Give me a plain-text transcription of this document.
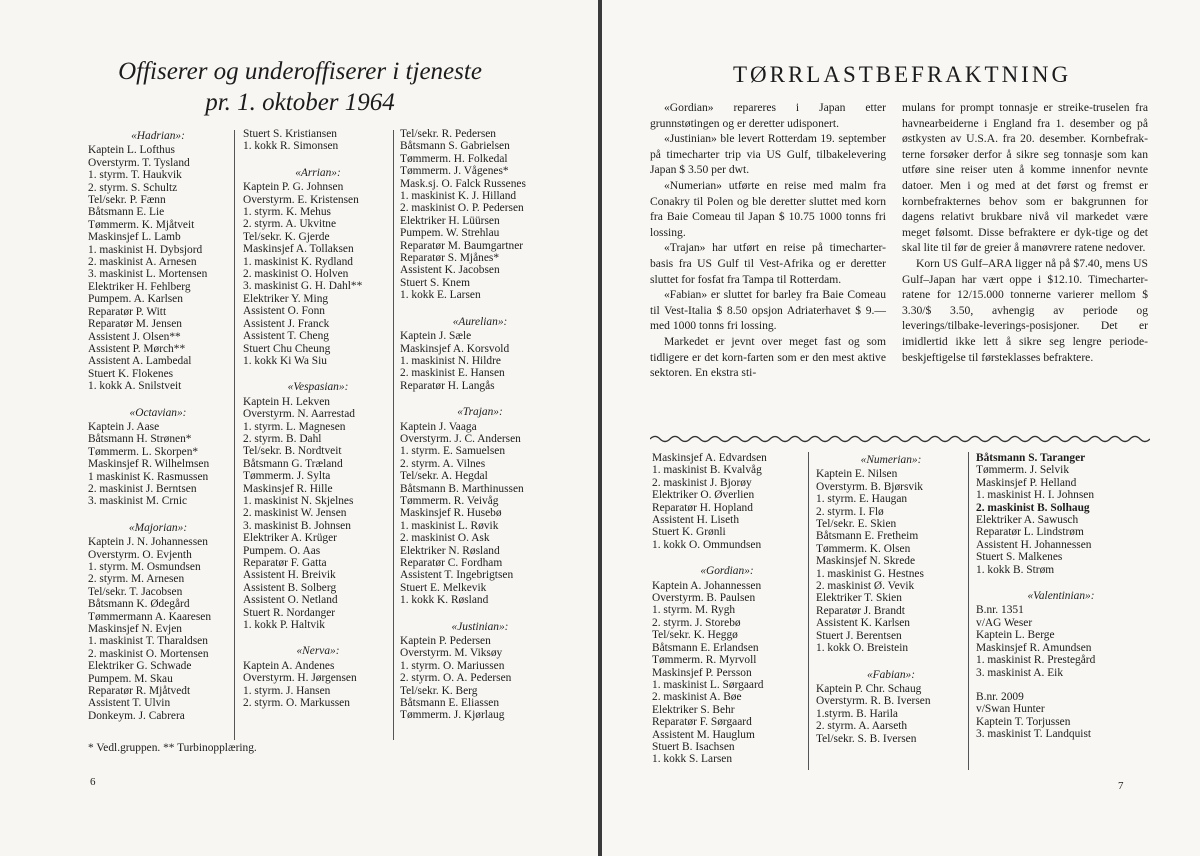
Offiserer og underoffiserer i tjeneste
pr. 1. oktober 1964
«Hadrian»:
Kaptein L. Lofthus
Overstyrm. T. Tysland
1. styrm. T. Haukvik
2. styrm. S. Schultz
Tel/sekr. P. Fænn
Båtsmann E. Lie
Tømmerm. K. Mjåtveit
Maskinsjef L. Lamb
1. maskinist H. Dybsjord
2. maskinist A. Arnesen
3. maskinist L. Mortensen
Elektriker H. Fehlberg
Pumpem. A. Karlsen
Reparatør P. Witt
Reparatør M. Jensen
Assistent J. Olsen**
Assistent P. Mørch**
Assistent A. Lambedal
Stuert K. Flokenes
1. kokk A. Snilstveit
«Octavian»:
Kaptein J. Aase
Båtsmann H. Strønen*
Tømmerm. L. Skorpen*
Maskinsjef R. Wilhelmsen
1 maskinist K. Rasmussen
2. maskinist J. Berntsen
3. maskinist M. Crnic
«Majorian»:
Kaptein J. N. Johannessen
Overstyrm. O. Evjenth
1. styrm. M. Osmundsen
2. styrm. M. Arnesen
Tel/sekr. T. Jacobsen
Båtsmann K. Ødegård
Tømmermann A. Kaaresen
Maskinsjef N. Evjen
1. maskinist T. Tharaldsen
2. maskinist O. Mortensen
Elektriker G. Schwade
Pumpem. M. Skau
Reparatør R. Mjåtvedt
Assistent T. Ulvin
Donkeym. J. Cabrera
Stuert S. Kristiansen
1. kokk R. Simonsen
«Arrian»:
Kaptein P. G. Johnsen
Overstyrm. E. Kristensen
1. styrm. K. Mehus
2. styrm. A. Ukvitne
Tel/sekr. K. Gjerde
Maskinsjef A. Tollaksen
1. maskinist K. Rydland
2. maskinist O. Holven
3. maskinist G. H. Dahl**
Elektriker Y. Ming
Assistent O. Fonn
Assistent J. Franck
Assistent T. Cheng
Stuert Chu Cheung
1. kokk Ki Wa Siu
«Vespasian»:
Kaptein H. Lekven
Overstyrm. N. Aarrestad
1. styrm. L. Magnesen
2. styrm. B. Dahl
Tel/sekr. B. Nordtveit
Båtsmann G. Træland
Tømmerm. J. Sylta
Maskinsjef R. Hille
1. maskinist N. Skjelnes
2. maskinist W. Jensen
3. maskinist B. Johnsen
Elektriker A. Krüger
Pumpem. O. Aas
Reparatør F. Gatta
Assistent H. Breivik
Assistent B. Solberg
Assistent O. Netland
Stuert R. Nordanger
1. kokk P. Haltvik
«Nerva»:
Kaptein A. Andenes
Overstyrm. H. Jørgensen
1. styrm. J. Hansen
2. styrm. O. Markussen
Tel/sekr. R. Pedersen
Båtsmann S. Gabrielsen
Tømmerm. H. Folkedal
Tømmerm. J. Vågenes*
Mask.sj. O. Falck Russenes
1. maskinist K. J. Hilland
2. maskinist O. P. Pedersen
Elektriker H. Lüürsen
Pumpem. W. Strehlau
Reparatør M. Baumgartner
Reparatør S. Mjånes*
Assistent K. Jacobsen
Stuert S. Knem
1. kokk E. Larsen
«Aurelian»:
Kaptein J. Sæle
Maskinsjef A. Korsvold
1. maskinist N. Hildre
2. maskinist E. Hansen
Reparatør H. Langås
«Trajan»:
Kaptein J. Vaaga
Overstyrm. J. C. Andersen
1. styrm. E. Samuelsen
2. styrm. A. Vilnes
Tel/sekr. A. Hegdal
Båtsmann B. Marthinussen
Tømmerm. R. Veivåg
Maskinsjef R. Husebø
1. maskinist L. Røvik
2. maskinist O. Ask
Elektriker N. Røsland
Reparatør C. Fordham
Assistent T. Ingebrigtsen
Stuert E. Melkevik
1. kokk K. Røsland
«Justinian»:
Kaptein P. Pedersen
Overstyrm. M. Viksøy
1. styrm. O. Mariussen
2. styrm. O. A. Pedersen
Tel/sekr. K. Berg
Båtsmann E. Eliassen
Tømmerm. J. Kjørlaug
* Vedl.gruppen. ** Turbinopplæring.
6
TØRRLASTBEFRAKTNING

«Gordian» repareres i Japan etter grunnstøtingen og er deretter udisponert.

«Justinian» ble levert Rotterdam 19. september på timecharter trip via US Gulf, tilbakelevering Japan $ 3.50 per dwt.

«Numerian» utførte en reise med malm fra Conakry til Polen og ble deretter sluttet med korn fra Baie Comeau til Japan $ 10.75 1000 tonns fri lossing.

«Trajan» har utført en reise på timecharter-basis fra US Gulf til Vest-Afrika og er deretter sluttet for fosfat fra Tampa til Rotterdam.

«Fabian» er sluttet for barley fra Baie Comeau til Vest-Italia $ 8.50 opsjon Adriaterhavet $ 9.— med 1000 tonns fri lossing.

Markedet er jevnt over meget fast og som tidligere er det korn-farten som er den mest aktive sektoren. En ekstra sti-

mulans for prompt tonnasje er streike-truselen fra havnearbeiderne i England fra 1. desember og på østkysten av U.S.A. fra 20. desember. Kornbefrak-terne forsøker derfor å sikre seg tonnasje som kan utføre sine reiser uten å komme innenfor nevnte datoer. Men i og med at det først og fremst er kornbefrakternes behov som er bakgrunnen for dagens relativt brukbare nivå vil markedet være meget følsomt. Disse befraktere er dyk-tige og det skal lite til før de greier å manøvrere ratene nedover.

Korn US Gulf–ARA ligger nå på $7.40, mens US Gulf–Japan har vært oppe i $12.10. Timecharter-ratene for 12/15.000 tonnerne varierer mellom $ 3.30/$ 3.50, avhengig av periode og leverings/tilbake-leverings-posisjoner. Det er imidlertid ikke lett å sikre seg lengre periode-beskjeftigelse til førsteklasses befraktere.

Maskinsjef A. Edvardsen
1. maskinist B. Kvalvåg
2. maskinist J. Bjorøy
Elektriker O. Øverlien
Reparatør H. Hopland
Assistent H. Liseth
Stuert K. Grønli
1. kokk O. Ommundsen
«Gordian»:
Kaptein A. Johannessen
Overstyrm. B. Paulsen
1. styrm. M. Rygh
2. styrm. J. Storebø
Tel/sekr. K. Heggø
Båtsmann E. Erlandsen
Tømmerm. R. Myrvoll
Maskinsjef P. Persson
1. maskinist L. Sørgaard
2. maskinist A. Bøe
Elektriker S. Behr
Reparatør F. Sørgaard
Assistent M. Hauglum
Stuert B. Isachsen
1. kokk S. Larsen
«Numerian»:
Kaptein E. Nilsen
Overstyrm. B. Bjørsvik
1. styrm. E. Haugan
2. styrm. I. Flø
Tel/sekr. E. Skien
Båtsmann E. Fretheim
Tømmerm. K. Olsen
Maskinsjef N. Skrede
1. maskinist G. Hestnes
2. maskinist Ø. Vevik
Elektriker T. Skien
Reparatør J. Brandt
Assistent K. Karlsen
Stuert J. Berentsen
1. kokk O. Breistein
«Fabian»:
Kaptein P. Chr. Schaug
Overstyrm. R. B. Iversen
1.styrm. B. Harila
2. styrm. A. Aarseth
Tel/sekr. S. B. Iversen
Båtsmann S. Taranger
Tømmerm. J. Selvik
Maskinsjef P. Helland
1. maskinist H. I. Johnsen
2. maskinist B. Solhaug
Elektriker A. Sawusch
Reparatør L. Lindstrøm
Assistent H. Johannessen
Stuert S. Malkenes
1. kokk B. Strøm
«Valentinian»:
B.nr. 1351
v/AG Weser
Kaptein L. Berge
Maskinsjef R. Amundsen
1. maskinist R. Prestegård
3. maskinist A. Eik
B.nr. 2009
v/Swan Hunter
Kaptein T. Torjussen
3. maskinist T. Landquist
7
